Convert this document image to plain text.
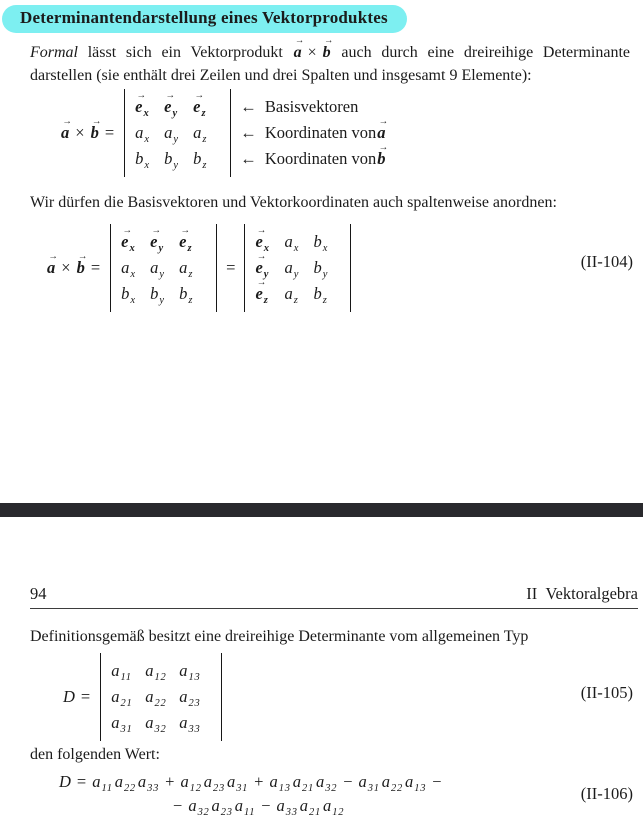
Determinantendarstellung eines Vektorproduktes
Formal lässt sich ein Vektorprodukt
→
a ×
→
b auch durch eine dreireihige Determinante darstellen (sie enthält drei Zeilen und drei Spalten und insgesamt 9 Elemente):
→
a ×
→
b =
→
$e_x$
→
$e_y$
→
$e_z$
$a_x$ $a_y$ $a_z$
$b_x$ $b_y$ $b_z$
← Basisvektoren
← Koordinaten von
→
a
← Koordinaten von
→
b
Wir dürfen die Basisvektoren und Vektorkoordinaten auch spaltenweise anordnen:
→
a ×
→
b =
→
$e_x$
→
$e_y$
→
$e_z$
$a_x$ $a_y$ $a_z$
$b_x$ $b_y$ $b_z$
=
→
$e_x$ $a_x$ $b_x$
→
$e_y$ $a_y$ $b_y$
→
$e_z$ $a_z$ $b_z$
(II-104)
94	II Vektoralgebra
Definitionsgemäß besitzt eine dreireihige Determinante vom allgemeinen Typ
D =
$a_{11}$ $a_{12}$ $a_{13}$
$a_{21}$ $a_{22}$ $a_{23}$
$a_{31}$ $a_{32}$ $a_{33}$
(II-105)
den folgenden Wert:
$D = a_{11}$ $a_{22}$ $a_{33} + a_{12}$ $a_{23}$ $a_{31} + a_{13}$ $a_{21}$ $a_{32} - a_{31}$ $a_{22}$ $a_{13}$ −
− $a_{32}$ $a_{23}$ $a_{11} - a_{33}$ $a_{21}$ $a_{12}$
(II-106)
